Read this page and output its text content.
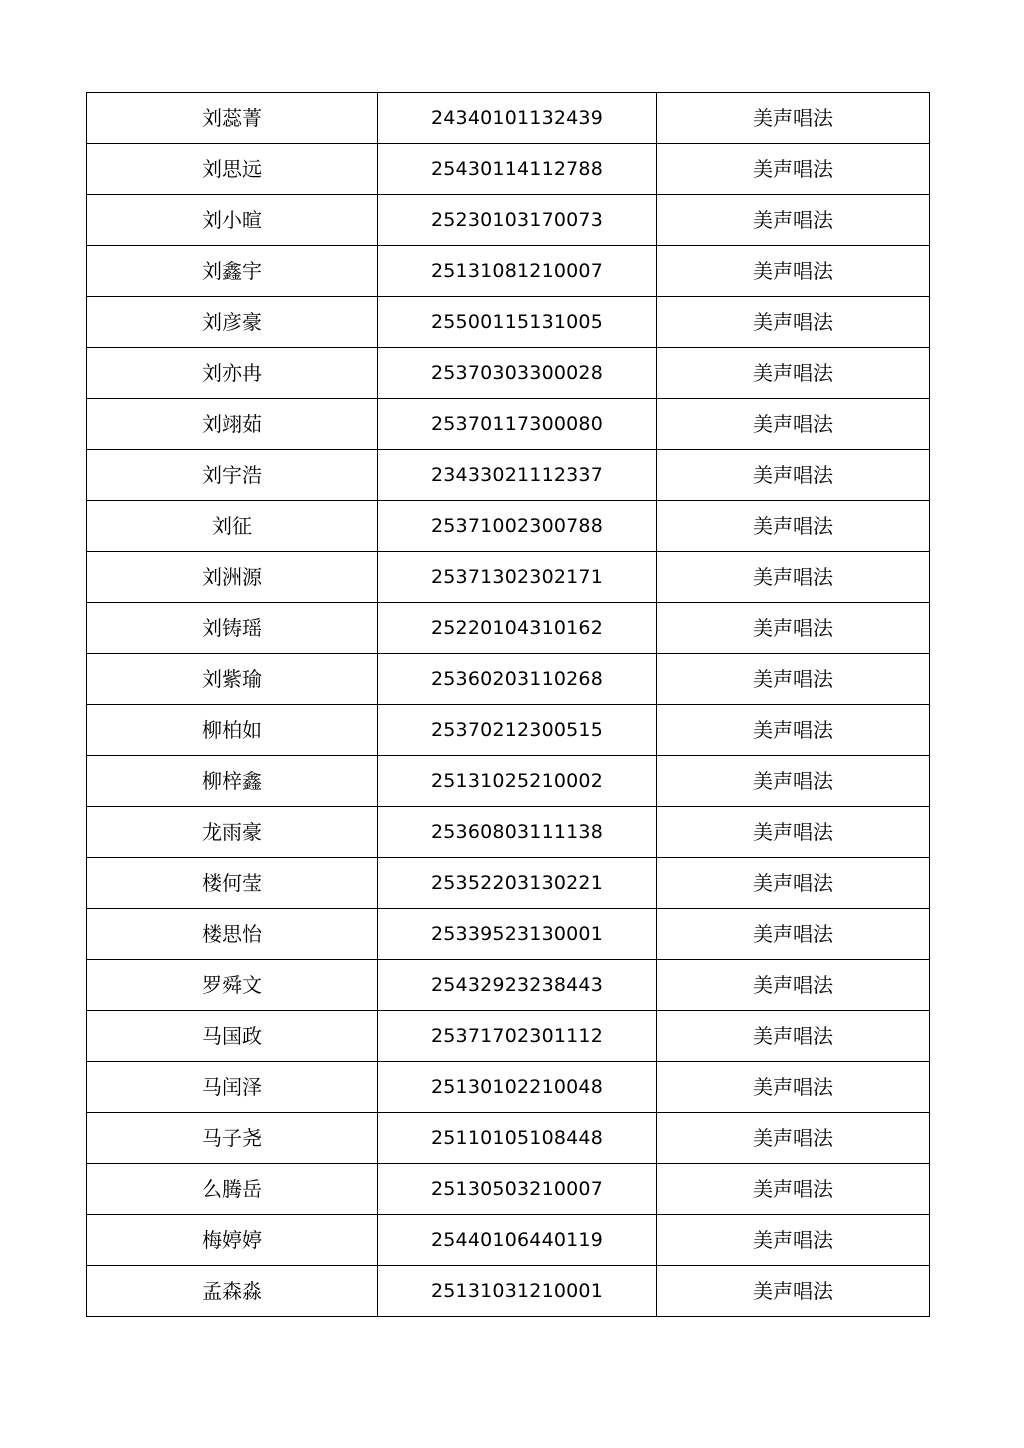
刘蕊菁	24340101132439	美声唱法
刘思远	25430114112788	美声唱法
刘小暄	25230103170073	美声唱法
刘鑫宇	25131081210007	美声唱法
刘彦豪	25500115131005	美声唱法
刘亦冉	25370303300028	美声唱法
刘翊茹	25370117300080	美声唱法
刘宇浩	23433021112337	美声唱法
刘征	25371002300788	美声唱法
刘洲源	25371302302171	美声唱法
刘铸瑶	25220104310162	美声唱法
刘紫瑜	25360203110268	美声唱法
柳柏如	25370212300515	美声唱法
柳梓鑫	25131025210002	美声唱法
龙雨豪	25360803111138	美声唱法
楼何莹	25352203130221	美声唱法
楼思怡	25339523130001	美声唱法
罗舜文	25432923238443	美声唱法
马国政	25371702301112	美声唱法
马闰泽	25130102210048	美声唱法
马子尧	25110105108448	美声唱法
么腾岳	25130503210007	美声唱法
梅婷婷	25440106440119	美声唱法
孟森淼	25131031210001	美声唱法
